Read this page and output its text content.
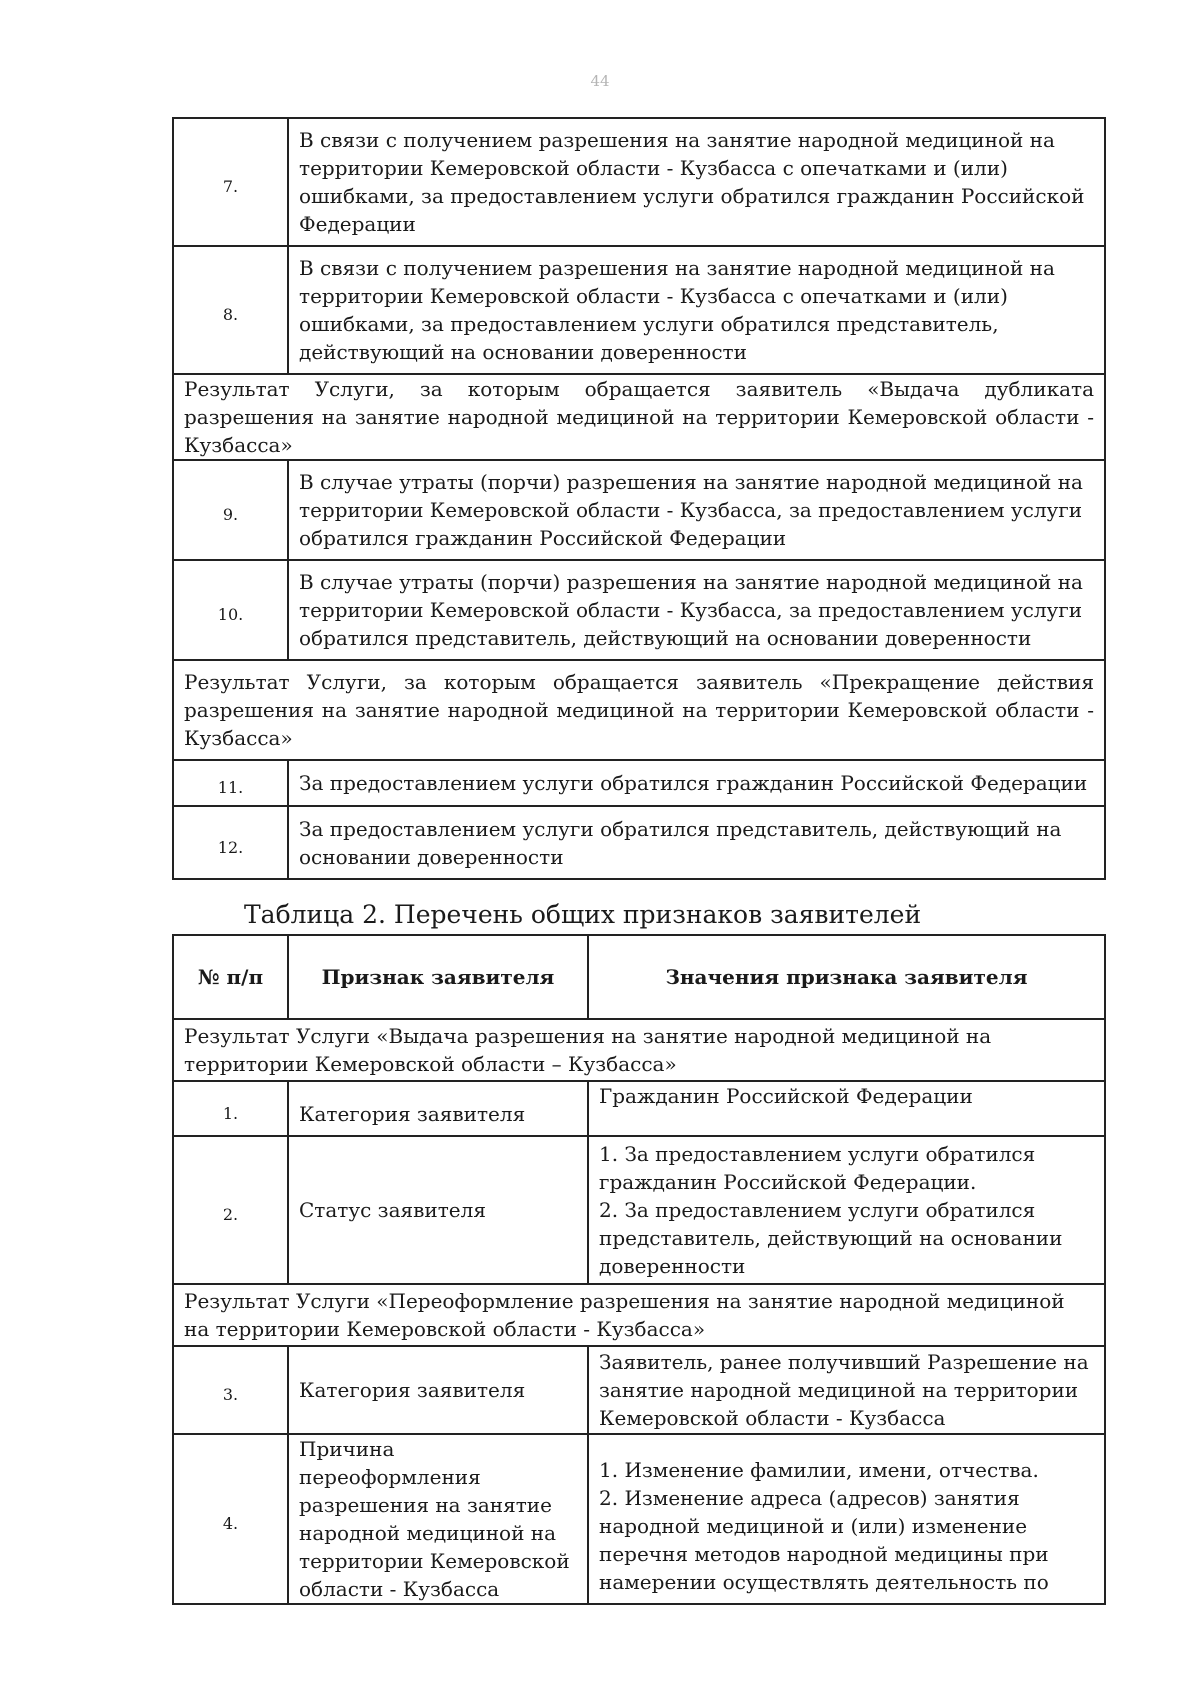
44
7.	В связи с получением разрешения на занятие народной медициной на территории Кемеровской области - Кузбасса с опечатками и (или) ошибками, за предоставлением услуги обратился гражданин Российской Федерации
8.	В связи с получением разрешения на занятие народной медициной на территории Кемеровской области - Кузбасса с опечатками и (или) ошибками, за предоставлением услуги обратился представитель, действующий на основании доверенности
Результат Услуги, за которым обращается заявитель «Выдача дубликата разрешения на занятие народной медициной на территории Кемеровской области - Кузбасса»	
9.	В случае утраты (порчи) разрешения на занятие народной медициной на территории Кемеровской области - Кузбасса, за предоставлением услуги обратился гражданин Российской Федерации
10.	В случае утраты (порчи) разрешения на занятие народной медициной на территории Кемеровской области - Кузбасса, за предоставлением услуги обратился представитель, действующий на основании доверенности
Результат Услуги, за которым обращается заявитель «Прекращение действия разрешения на занятие народной медициной на территории Кемеровской области - Кузбасса»	
11.	За предоставлением услуги обратился гражданин Российской Федерации
12.	За предоставлением услуги обратился представитель, действующий на основании доверенности
Таблица 2. Перечень общих признаков заявителей
№ п/п	Признак заявителя	Значения признака заявителя
Результат Услуги «Выдача разрешения на занятие народной медициной на территории Кемеровской области – Кузбасса»		
1.	Категория заявителя	Гражданин Российской Федерации
2.	Статус заявителя	1. За предоставлением услуги обратился гражданин Российской Федерации.
2. За предоставлением услуги обратился представитель, действующий на основании доверенности

Результат Услуги «Переоформление разрешения на занятие народной медициной на территории Кемеровской области - Кузбасса»		
3.	Категория заявителя	Заявитель, ранее получивший Разрешение на занятие народной медициной на территории Кемеровской области - Кузбасса
4.	Причина переоформления разрешения на занятие народной медициной на территории Кемеровской области - Кузбасса	1. Изменение фамилии, имени, отчества.
2. Изменение адреса (адресов) занятия народной медициной и (или) изменение перечня методов народной медицины при намерении осуществлять деятельность по
